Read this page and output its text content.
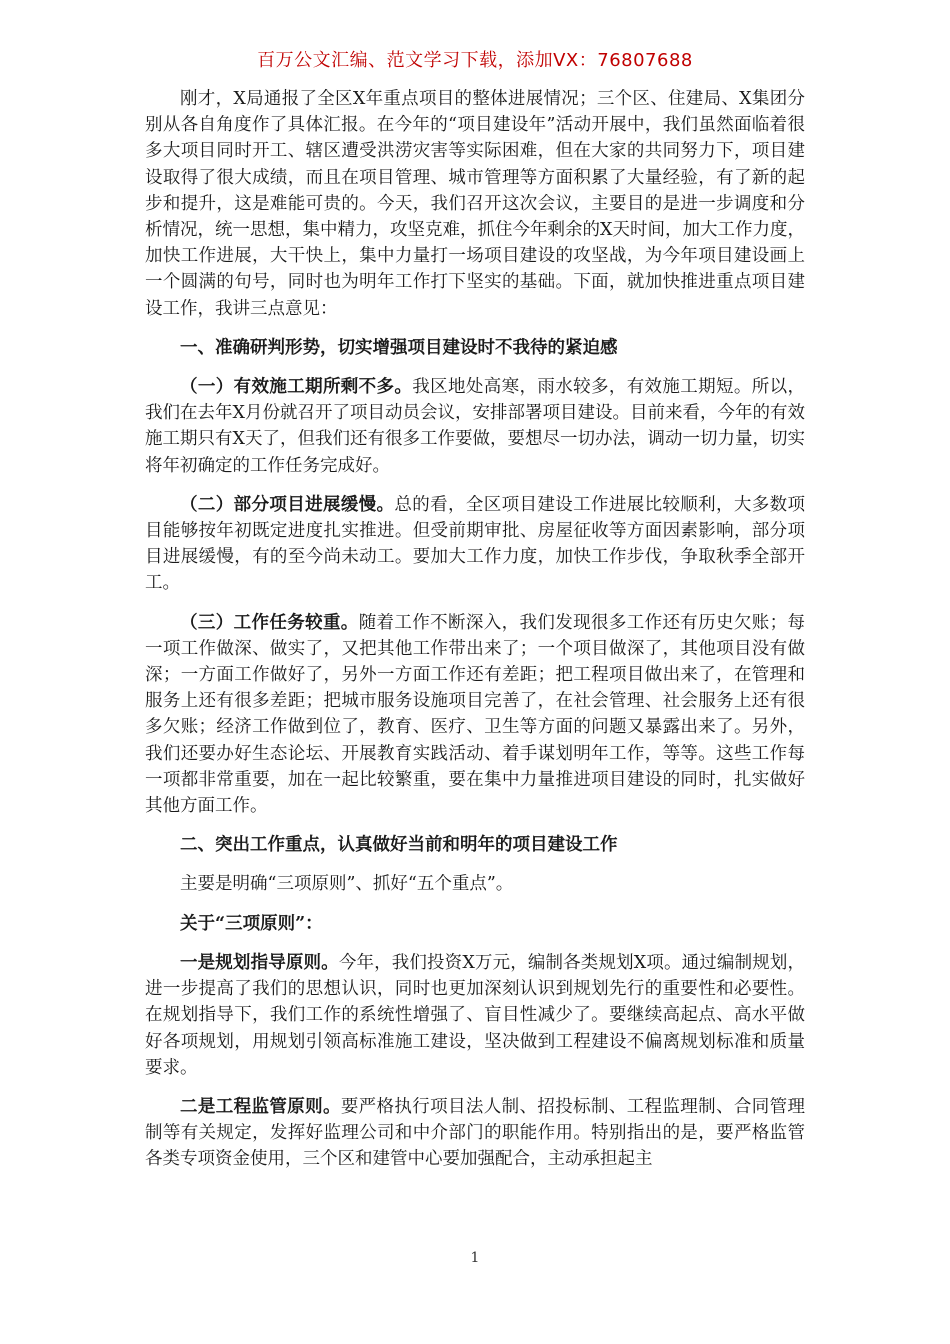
百万公文汇编、范文学习下载，添加VX：76807688

刚才，X局通报了全区X年重点项目的整体进展情况；三个区、住建局、X集团分别从各自角度作了具体汇报。在今年的“项目建设年”活动开展中，我们虽然面临着很多大项目同时开工、辖区遭受洪涝灾害等实际困难，但在大家的共同努力下，项目建设取得了很大成绩，而且在项目管理、城市管理等方面积累了大量经验，有了新的起步和提升，这是难能可贵的。今天，我们召开这次会议，主要目的是进一步调度和分析情况，统一思想，集中精力，攻坚克难，抓住今年剩余的X天时间，加大工作力度，加快工作进展，大干快上，集中力量打一场项目建设的攻坚战，为今年项目建设画上一个圆满的句号，同时也为明年工作打下坚实的基础。下面，就加快推进重点项目建设工作，我讲三点意见：

一、准确研判形势，切实增强项目建设时不我待的紧迫感

（一）有效施工期所剩不多。我区地处高寒，雨水较多，有效施工期短。所以，我们在去年X月份就召开了项目动员会议，安排部署项目建设。目前来看，今年的有效施工期只有X天了，但我们还有很多工作要做，要想尽一切办法，调动一切力量，切实将年初确定的工作任务完成好。

（二）部分项目进展缓慢。总的看，全区项目建设工作进展比较顺利，大多数项目能够按年初既定进度扎实推进。但受前期审批、房屋征收等方面因素影响，部分项目进展缓慢，有的至今尚未动工。要加大工作力度，加快工作步伐，争取秋季全部开工。

（三）工作任务较重。随着工作不断深入，我们发现很多工作还有历史欠账；每一项工作做深、做实了，又把其他工作带出来了；一个项目做深了，其他项目没有做深；一方面工作做好了，另外一方面工作还有差距；把工程项目做出来了，在管理和服务上还有很多差距；把城市服务设施项目完善了，在社会管理、社会服务上还有很多欠账；经济工作做到位了，教育、医疗、卫生等方面的问题又暴露出来了。另外，我们还要办好生态论坛、开展教育实践活动、着手谋划明年工作，等等。这些工作每一项都非常重要，加在一起比较繁重，要在集中力量推进项目建设的同时，扎实做好其他方面工作。

二、突出工作重点，认真做好当前和明年的项目建设工作

主要是明确“三项原则”、抓好“五个重点”。

关于“三项原则”：

一是规划指导原则。今年，我们投资X万元，编制各类规划X项。通过编制规划，进一步提高了我们的思想认识，同时也更加深刻认识到规划先行的重要性和必要性。在规划指导下，我们工作的系统性增强了、盲目性减少了。要继续高起点、高水平做好各项规划，用规划引领高标准施工建设，坚决做到工程建设不偏离规划标准和质量要求。

二是工程监管原则。要严格执行项目法人制、招投标制、工程监理制、合同管理制等有关规定，发挥好监理公司和中介部门的职能作用。特别指出的是，要严格监管各类专项资金使用，三个区和建管中心要加强配合，主动承担起主

1
